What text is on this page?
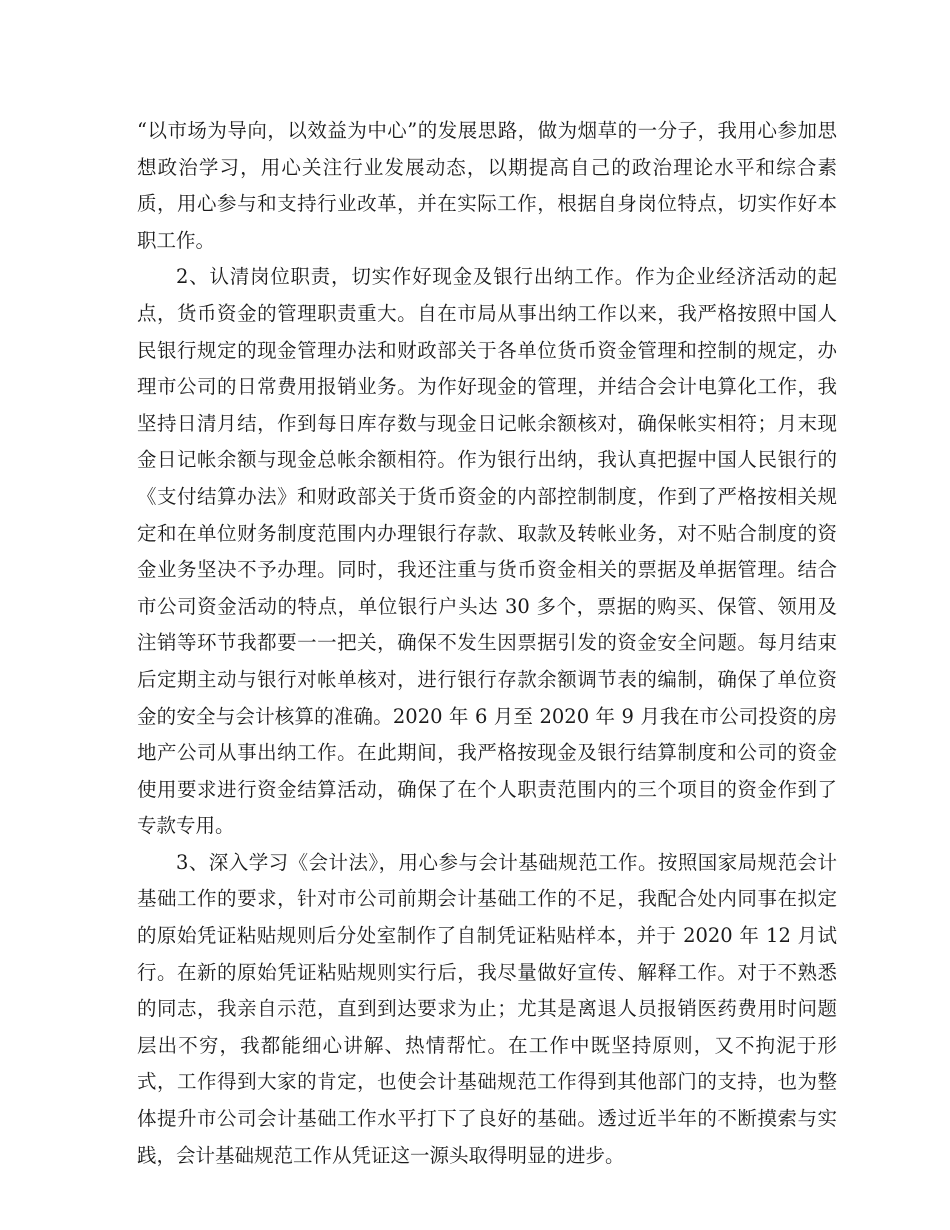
“以市场为导向，以效益为中心”的发展思路，做为烟草的一分子，我用心参加思想政治学习，用心关注行业发展动态，以期提高自己的政治理论水平和综合素质，用心参与和支持行业改革，并在实际工作，根据自身岗位特点，切实作好本职工作。

2、认清岗位职责，切实作好现金及银行出纳工作。作为企业经济活动的起点，货币资金的管理职责重大。自在市局从事出纳工作以来，我严格按照中国人民银行规定的现金管理办法和财政部关于各单位货币资金管理和控制的规定，办理市公司的日常费用报销业务。为作好现金的管理，并结合会计电算化工作，我坚持日清月结，作到每日库存数与现金日记帐余额核对，确保帐实相符；月末现金日记帐余额与现金总帐余额相符。作为银行出纳，我认真把握中国人民银行的《支付结算办法》和财政部关于货币资金的内部控制制度，作到了严格按相关规定和在单位财务制度范围内办理银行存款、取款及转帐业务，对不贴合制度的资金业务坚决不予办理。同时，我还注重与货币资金相关的票据及单据管理。结合市公司资金活动的特点，单位银行户头达 30 多个，票据的购买、保管、领用及注销等环节我都要一一把关，确保不发生因票据引发的资金安全问题。每月结束后定期主动与银行对帐单核对，进行银行存款余额调节表的编制，确保了单位资金的安全与会计核算的准确。2020 年 6 月至 2020 年 9 月我在市公司投资的房地产公司从事出纳工作。在此期间，我严格按现金及银行结算制度和公司的资金使用要求进行资金结算活动，确保了在个人职责范围内的三个项目的资金作到了专款专用。

3、深入学习《会计法》，用心参与会计基础规范工作。按照国家局规范会计基础工作的要求，针对市公司前期会计基础工作的不足，我配合处内同事在拟定的原始凭证粘贴规则后分处室制作了自制凭证粘贴样本，并于 2020 年 12 月试行。在新的原始凭证粘贴规则实行后，我尽量做好宣传、解释工作。对于不熟悉的同志，我亲自示范，直到到达要求为止；尤其是离退人员报销医药费用时问题层出不穷，我都能细心讲解、热情帮忙。在工作中既坚持原则，又不拘泥于形式，工作得到大家的肯定，也使会计基础规范工作得到其他部门的支持，也为整体提升市公司会计基础工作水平打下了良好的基础。透过近半年的不断摸索与实践，会计基础规范工作从凭证这一源头取得明显的进步。
